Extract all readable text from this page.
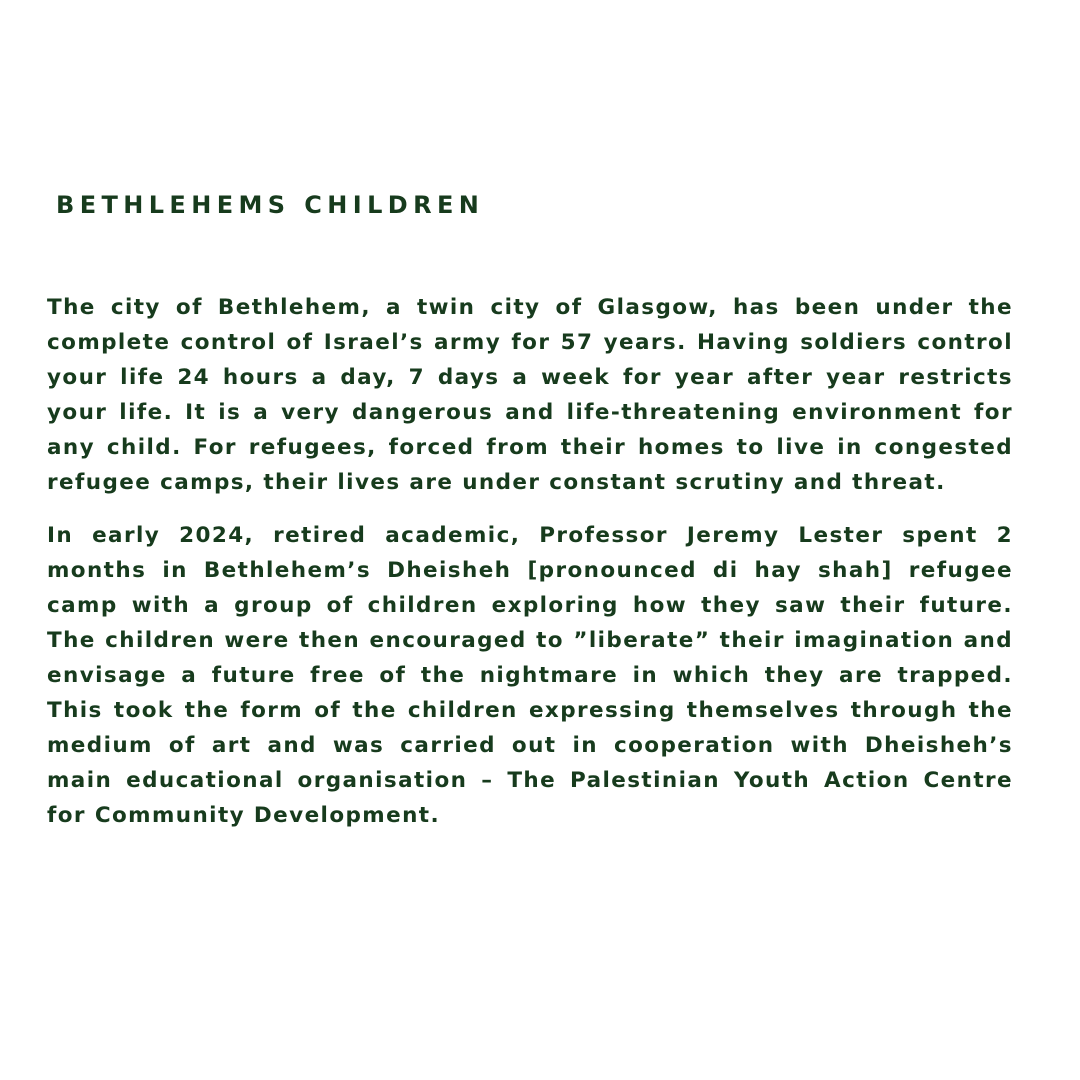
BETHLEHEMS CHILDREN

The city of Bethlehem, a twin city of Glasgow, has been under the complete control of Israel’s army for 57 years. Having soldiers control your life 24 hours a day, 7 days a week for year after year restricts your life. It is a very dangerous and life-threatening environment for any child. For refugees, forced from their homes to live in congested refugee camps, their lives are under constant scrutiny and threat.

In early 2024, retired academic, Professor Jeremy Lester spent 2 months in Bethlehem’s Dheisheh [pronounced di hay shah] refugee camp with a group of children exploring how they saw their future. The children were then encouraged to ”liberate” their imagination and envisage a future free of the nightmare in which they are trapped. This took the form of the children expressing themselves through the medium of art and was carried out in cooperation with Dheisheh’s main educational organisation – The Palestinian Youth Action Centre for Community Development.
